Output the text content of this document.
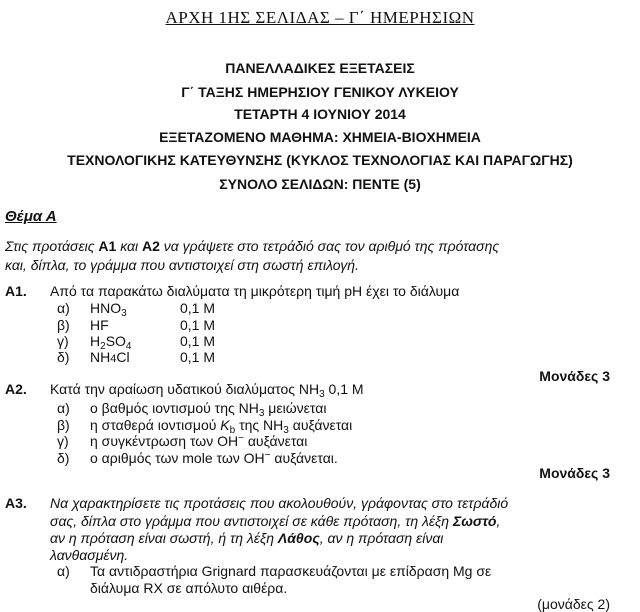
ΑΡΧΗ 1ΗΣ ΣΕΛΙΔΑΣ – Γ΄ ΗΜΕΡΗΣΙΩΝ
ΠΑΝΕΛΛΑΔΙΚΕΣ ΕΞΕΤΑΣΕΙΣ
Γ΄ ΤΑΞΗΣ ΗΜΕΡΗΣΙΟΥ ΓΕΝΙΚΟΥ ΛΥΚΕΙΟΥ
ΤΕΤΑΡΤΗ 4 ΙΟΥΝΙΟΥ 2014
ΕΞΕΤΑΖΟΜΕΝΟ ΜΑΘΗΜΑ: ΧΗΜΕΙΑ-ΒΙΟΧΗΜΕΙΑ
ΤΕΧΝΟΛΟΓΙΚΗΣ ΚΑΤΕΥΘΥΝΣΗΣ (ΚΥΚΛΟΣ ΤΕΧΝΟΛΟΓΙΑΣ ΚΑΙ ΠΑΡΑΓΩΓΗΣ)
ΣΥΝΟΛΟ ΣΕΛΙΔΩΝ: ΠΕΝΤΕ (5)
Θέμα Α
Στις προτάσεις Α1 και Α2 να γράψετε στο τετράδιό σας τον αριθμό της πρότασης
και, δίπλα, το γράμμα που αντιστοιχεί στη σωστή επιλογή.
Α1. Από τα παρακάτω διαλύματα τη μικρότερη τιμή pH έχει το διάλυμα
α) $HNO_3$	0,1 Μ
β) HF	0,1 Μ
γ) $H_2SO_4$	0,1 Μ
δ) NH4Cl	0,1 Μ
Μονάδες 3
Α2. Κατά την αραίωση υδατικού διαλύματος $NH_3$ 0,1 Μ
α) ο βαθμός ιοντισμού της $NH_3$ μειώνεται
β) η σταθερά ιοντισμού $K_b$ της $NH_3$ αυξάνεται
γ) η συγκέντρωση των OH− αυξάνεται
δ) ο αριθμός των mole των OH− αυξάνεται.
Μονάδες 3
Α3. Να χαρακτηρίσετε τις προτάσεις που ακολουθούν, γράφοντας στο τετράδιό
σας, δίπλα στο γράμμα που αντιστοιχεί σε κάθε πρόταση, τη λέξη Σωστό,
αν η πρόταση είναι σωστή, ή τη λέξη Λάθος, αν η πρόταση είναι
λανθασμένη.
α) Τα αντιδραστήρια Grignard παρασκευάζονται με επίδραση Mg σε
διάλυμα RX σε απόλυτο αιθέρα.
(μονάδες 2)
